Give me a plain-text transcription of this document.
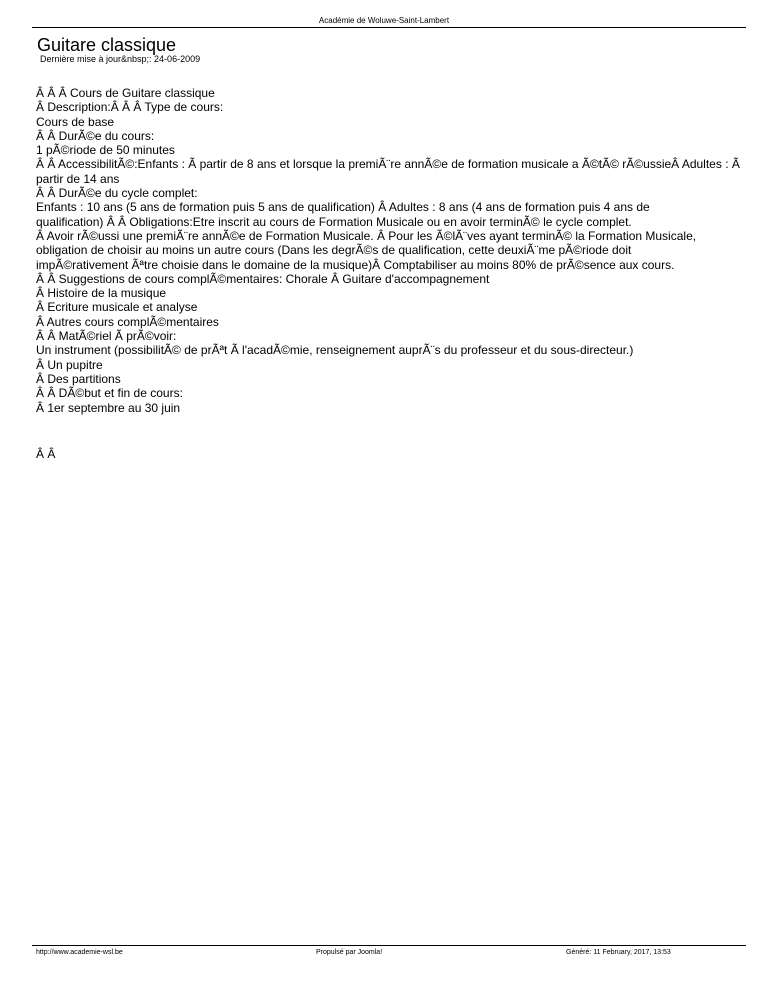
Académie de Woluwe-Saint-Lambert
Guitare classique
Dernière mise à jour&nbsp;: 24-06-2009
Â Â Â Cours de Guitare classique
Â Description:Â Â Â Type de cours:
Cours de base
Â Â DurÃ©e du cours:
1 pÃ©riode de 50 minutes
Â Â AccessibilitÃ©:Enfants : Ã partir de 8 ans et lorsque la premiÃ¨re annÃ©e de formation musicale a Ã©tÃ© rÃ©ussieÂ Adultes : Ã
partir de 14 ans
Â Â DurÃ©e du cycle complet:
Enfants : 10 ans (5 ans de formation puis 5 ans de qualification) Â Adultes : 8 ans (4 ans de formation puis 4 ans de
qualification) Â Â Obligations:Etre inscrit au cours de Formation Musicale ou en avoir terminÃ© le cycle complet.
Â Avoir rÃ©ussi une premiÃ¨re annÃ©e de Formation Musicale. Â Pour les Ã©lÃ¨ves ayant terminÃ© la Formation Musicale,
obligation de choisir au moins un autre cours (Dans les degrÃ©s de qualification, cette deuxiÃ¨me pÃ©riode doit
impÃ©rativement Ãªtre choisie dans le domaine de la musique)Â Comptabiliser au moins 80% de prÃ©sence aux cours.
Â Â Suggestions de cours complÃ©mentaires: Chorale Â Guitare d'accompagnement
Â Histoire de la musique
Â Ecriture musicale et analyse
Â Autres cours complÃ©mentaires
Â Â MatÃ©riel Ã prÃ©voir:
Un instrument (possibilitÃ© de prÃªt Ã l'acadÃ©mie, renseignement auprÃ¨s du professeur et du sous-directeur.)
Â Un pupitre
Â Des partitions
Â Â DÃ©but et fin de cours:
Â 1er septembre au 30 juin
Â Â
http://www.academie-wsl.be	Propulsé par Joomla!	Généré: 11 February, 2017, 13:53
